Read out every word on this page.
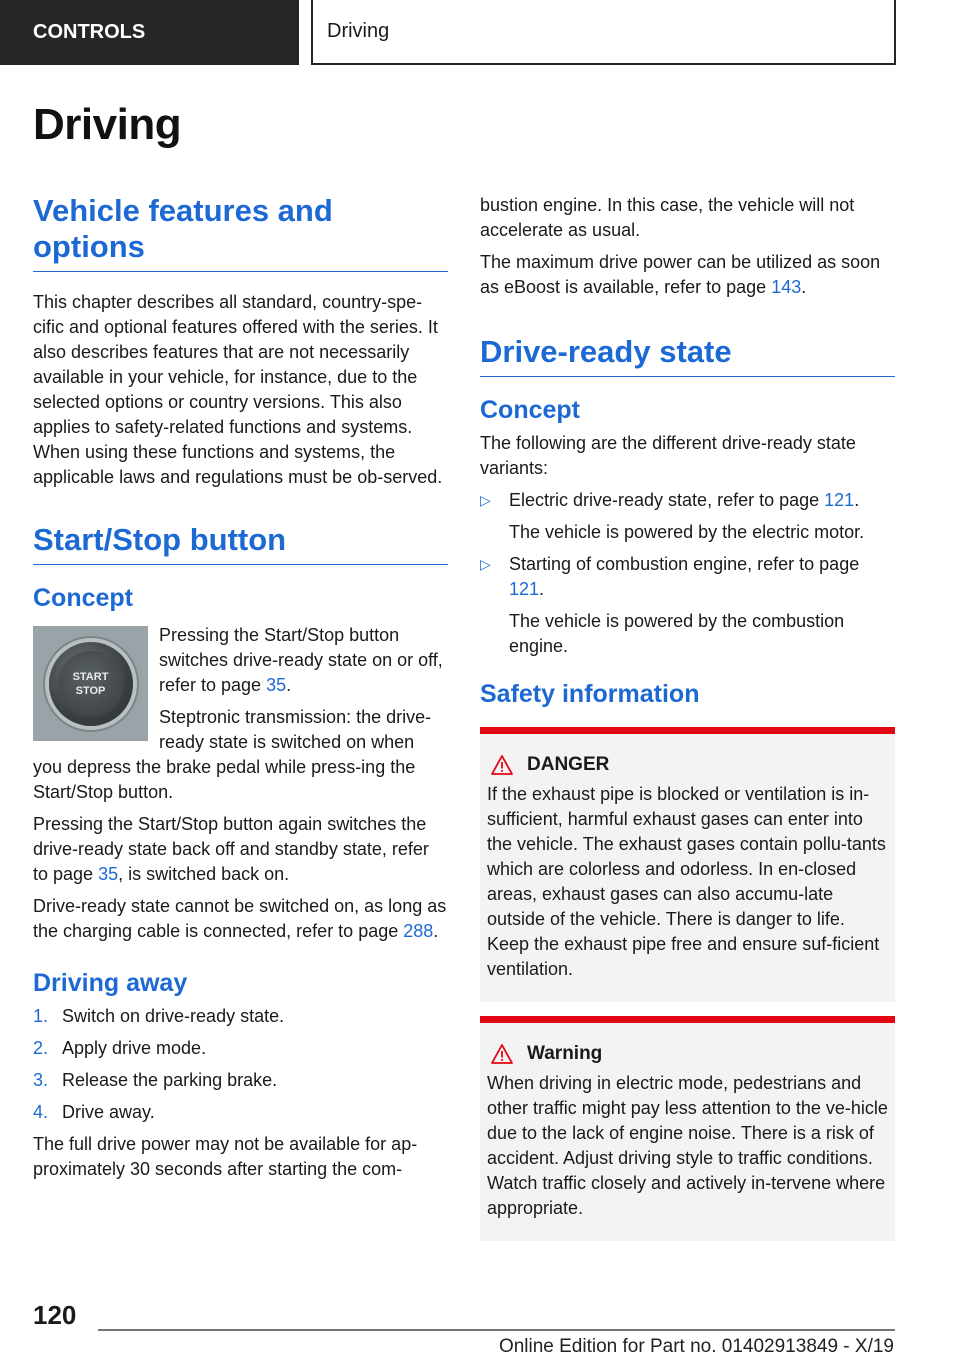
CONTROLS	Driving
Driving
Vehicle features and options

This chapter describes all standard, country-spe-cific and optional features offered with the series. It also describes features that are not necessarily available in your vehicle, for instance, due to the selected options or country versions. This also applies to safety-related functions and systems. When using these functions and systems, the applicable laws and regulations must be ob-served.

Start/Stop button
Concept
START
STOP

Pressing the Start/Stop button switches drive-ready state on or off, refer to page 35.

Steptronic transmission: the drive-ready state is switched on when you depress the brake pedal while press-ing the Start/Stop button.

Pressing the Start/Stop button again switches the drive-ready state back off and standby state, refer to page 35, is switched back on.

Drive-ready state cannot be switched on, as long as the charging cable is connected, refer to page 288.

Driving away
1. Switch on drive-ready state.
2. Apply drive mode.
3. Release the parking brake.
4. Drive away.

The full drive power may not be available for ap-proximately 30 seconds after starting the com-

bustion engine. In this case, the vehicle will not accelerate as usual.

The maximum drive power can be utilized as soon as eBoost is available, refer to page 143.

Drive-ready state
Concept

The following are the different drive-ready state variants:

▷ Electric drive-ready state, refer to page 121.
The vehicle is powered by the electric motor.
▷ Starting of combustion engine, refer to page 121.
The vehicle is powered by the combustion engine.
Safety information
DANGER

If the exhaust pipe is blocked or ventilation is in-sufficient, harmful exhaust gases can enter into the vehicle. The exhaust gases contain pollu-tants which are colorless and odorless. In en-closed areas, exhaust gases can also accumu-late outside of the vehicle. There is danger to life. Keep the exhaust pipe free and ensure suf-ficient ventilation.

Warning

When driving in electric mode, pedestrians and other traffic might pay less attention to the ve-hicle due to the lack of engine noise. There is a risk of accident. Adjust driving style to traffic conditions. Watch traffic closely and actively in-tervene where appropriate.

120
Online Edition for Part no. 01402913849 - X/19
